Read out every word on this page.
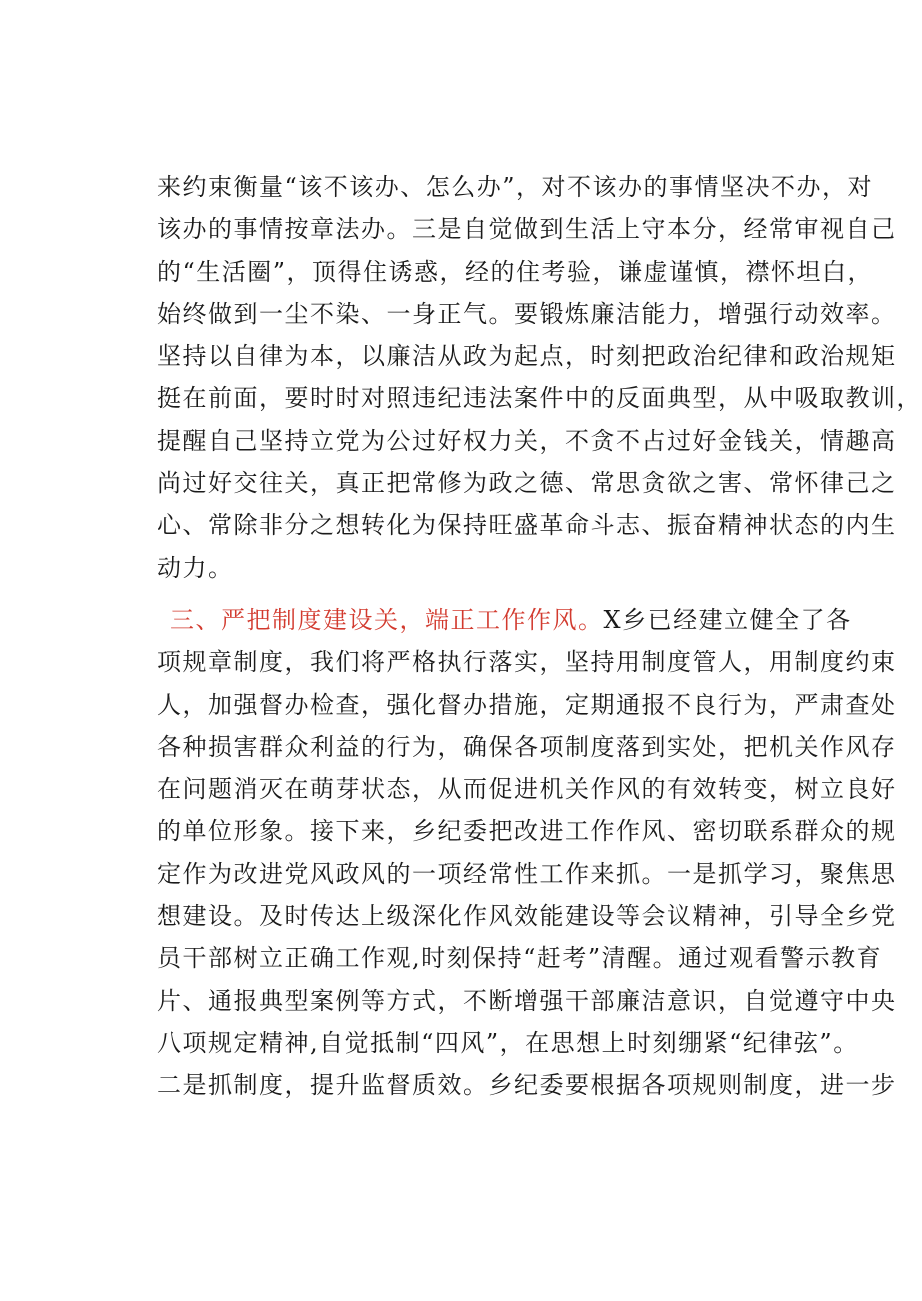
来约束衡量“该不该办、怎么办”，对不该办的事情坚决不办，对
该办的事情按章法办。三是自觉做到生活上守本分，经常审视自己
的“生活圈”，顶得住诱惑，经的住考验，谦虚谨慎，襟怀坦白，
始终做到一尘不染、一身正气。要锻炼廉洁能力，增强行动效率。
坚持以自律为本，以廉洁从政为起点，时刻把政治纪律和政治规矩
挺在前面，要时时对照违纪违法案件中的反面典型，从中吸取教训，
提醒自己坚持立党为公过好权力关，不贪不占过好金钱关，情趣高
尚过好交往关，真正把常修为政之德、常思贪欲之害、常怀律己之
心、常除非分之想转化为保持旺盛革命斗志、振奋精神状态的内生
动力。
三、严把制度建设关，端正工作作风。X乡已经建立健全了各
项规章制度，我们将严格执行落实，坚持用制度管人，用制度约束
人，加强督办检查，强化督办措施，定期通报不良行为，严肃查处
各种损害群众利益的行为，确保各项制度落到实处，把机关作风存
在问题消灭在萌芽状态，从而促进机关作风的有效转变，树立良好
的单位形象。接下来，乡纪委把改进工作作风、密切联系群众的规
定作为改进党风政风的一项经常性工作来抓。一是抓学习，聚焦思
想建设。及时传达上级深化作风效能建设等会议精神，引导全乡党
员干部树立正确工作观,时刻保持“赶考”清醒。通过观看警示教育
片、通报典型案例等方式，不断增强干部廉洁意识，自觉遵守中央
八项规定精神,自觉抵制“四风”，在思想上时刻绷紧“纪律弦”。
二是抓制度，提升监督质效。乡纪委要根据各项规则制度，进一步
